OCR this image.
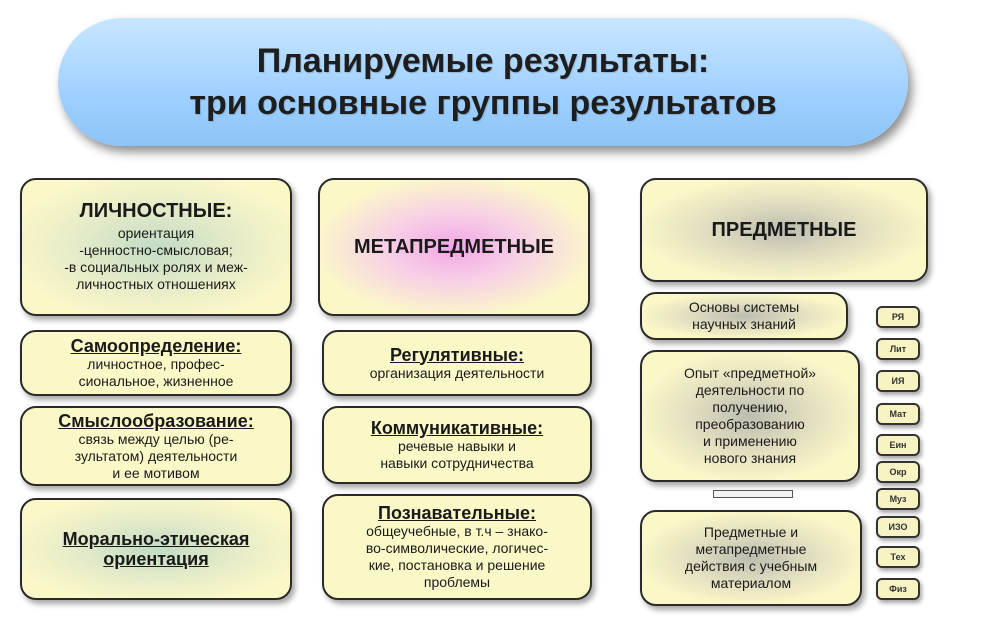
Планируемые результаты:
три основные группы результатов
ЛИЧНОСТНЫЕ:
ориентация
-ценностно-смысловая;
-в социальных ролях и меж-
личностных отношениях
Самоопределение:
личностное, профес-
сиональное, жизненное
Смыслообразование:
связь между целью (ре-
зультатом) деятельности
и ее мотивом
Морально-этическая
ориентация
МЕТАПРЕДМЕТНЫЕ
Регулятивные:
организация деятельности
Коммуникативные:
речевые навыки и
навыки сотрудничества
Познавательные:
общеучебные, в т.ч – знако-
во-символические, логичес-
кие, постановка и решение
проблемы
ПРЕДМЕТНЫЕ
Основы системы
научных знаний
Опыт «предметной»
деятельности по
получению,
преобразованию
и применению
нового знания
Предметные и
метапредметные
действия с учебным
материалом
РЯ
Лит
ИЯ
Мат
Еин
Окр
Муз
ИЗО
Тех
Физ
